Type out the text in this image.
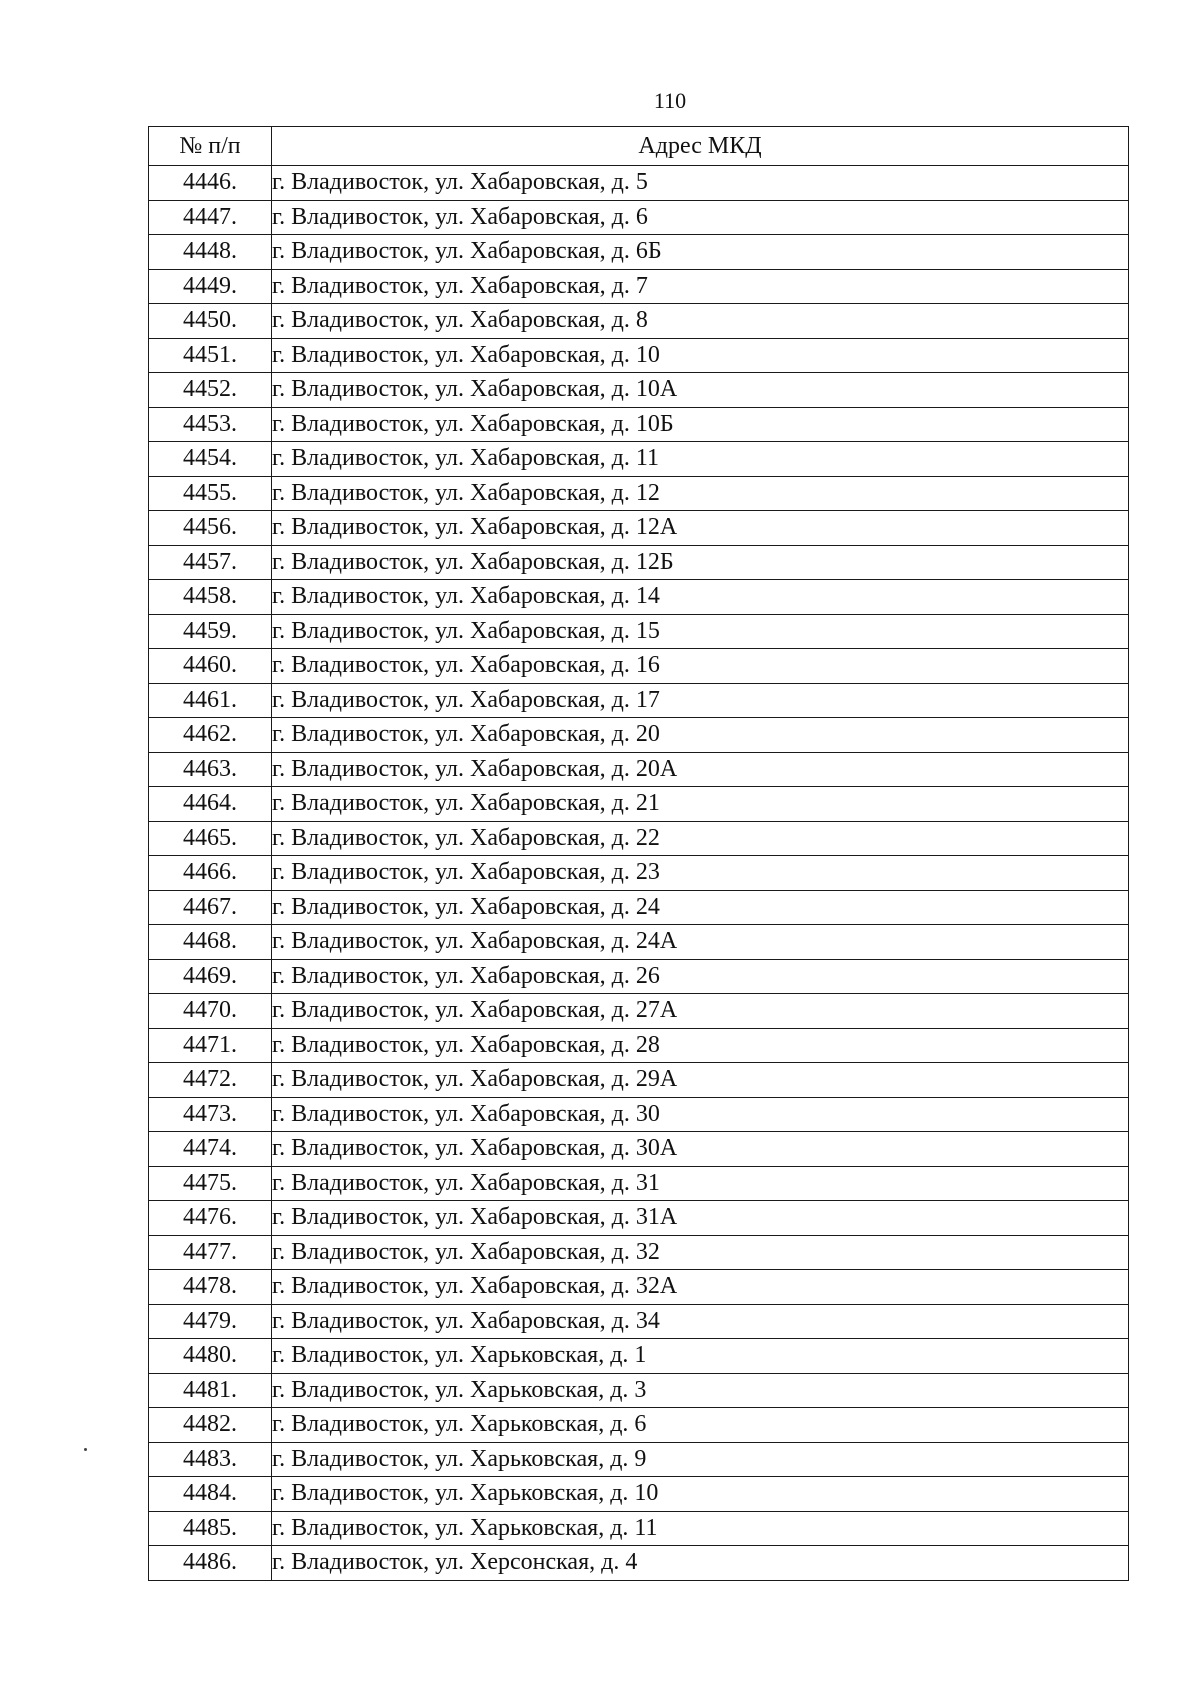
110
№ п/п	Адрес МКД
4446.	г. Владивосток, ул. Хабаровская, д. 5
4447.	г. Владивосток, ул. Хабаровская, д. 6
4448.	г. Владивосток, ул. Хабаровская, д. 6Б
4449.	г. Владивосток, ул. Хабаровская, д. 7
4450.	г. Владивосток, ул. Хабаровская, д. 8
4451.	г. Владивосток, ул. Хабаровская, д. 10
4452.	г. Владивосток, ул. Хабаровская, д. 10А
4453.	г. Владивосток, ул. Хабаровская, д. 10Б
4454.	г. Владивосток, ул. Хабаровская, д. 11
4455.	г. Владивосток, ул. Хабаровская, д. 12
4456.	г. Владивосток, ул. Хабаровская, д. 12А
4457.	г. Владивосток, ул. Хабаровская, д. 12Б
4458.	г. Владивосток, ул. Хабаровская, д. 14
4459.	г. Владивосток, ул. Хабаровская, д. 15
4460.	г. Владивосток, ул. Хабаровская, д. 16
4461.	г. Владивосток, ул. Хабаровская, д. 17
4462.	г. Владивосток, ул. Хабаровская, д. 20
4463.	г. Владивосток, ул. Хабаровская, д. 20А
4464.	г. Владивосток, ул. Хабаровская, д. 21
4465.	г. Владивосток, ул. Хабаровская, д. 22
4466.	г. Владивосток, ул. Хабаровская, д. 23
4467.	г. Владивосток, ул. Хабаровская, д. 24
4468.	г. Владивосток, ул. Хабаровская, д. 24А
4469.	г. Владивосток, ул. Хабаровская, д. 26
4470.	г. Владивосток, ул. Хабаровская, д. 27А
4471.	г. Владивосток, ул. Хабаровская, д. 28
4472.	г. Владивосток, ул. Хабаровская, д. 29А
4473.	г. Владивосток, ул. Хабаровская, д. 30
4474.	г. Владивосток, ул. Хабаровская, д. 30А
4475.	г. Владивосток, ул. Хабаровская, д. 31
4476.	г. Владивосток, ул. Хабаровская, д. 31А
4477.	г. Владивосток, ул. Хабаровская, д. 32
4478.	г. Владивосток, ул. Хабаровская, д. 32А
4479.	г. Владивосток, ул. Хабаровская, д. 34
4480.	г. Владивосток, ул. Харьковская, д. 1
4481.	г. Владивосток, ул. Харьковская, д. 3
4482.	г. Владивосток, ул. Харьковская, д. 6
4483.	г. Владивосток, ул. Харьковская, д. 9
4484.	г. Владивосток, ул. Харьковская, д. 10
4485.	г. Владивосток, ул. Харьковская, д. 11
4486.	г. Владивосток, ул. Херсонская, д. 4
